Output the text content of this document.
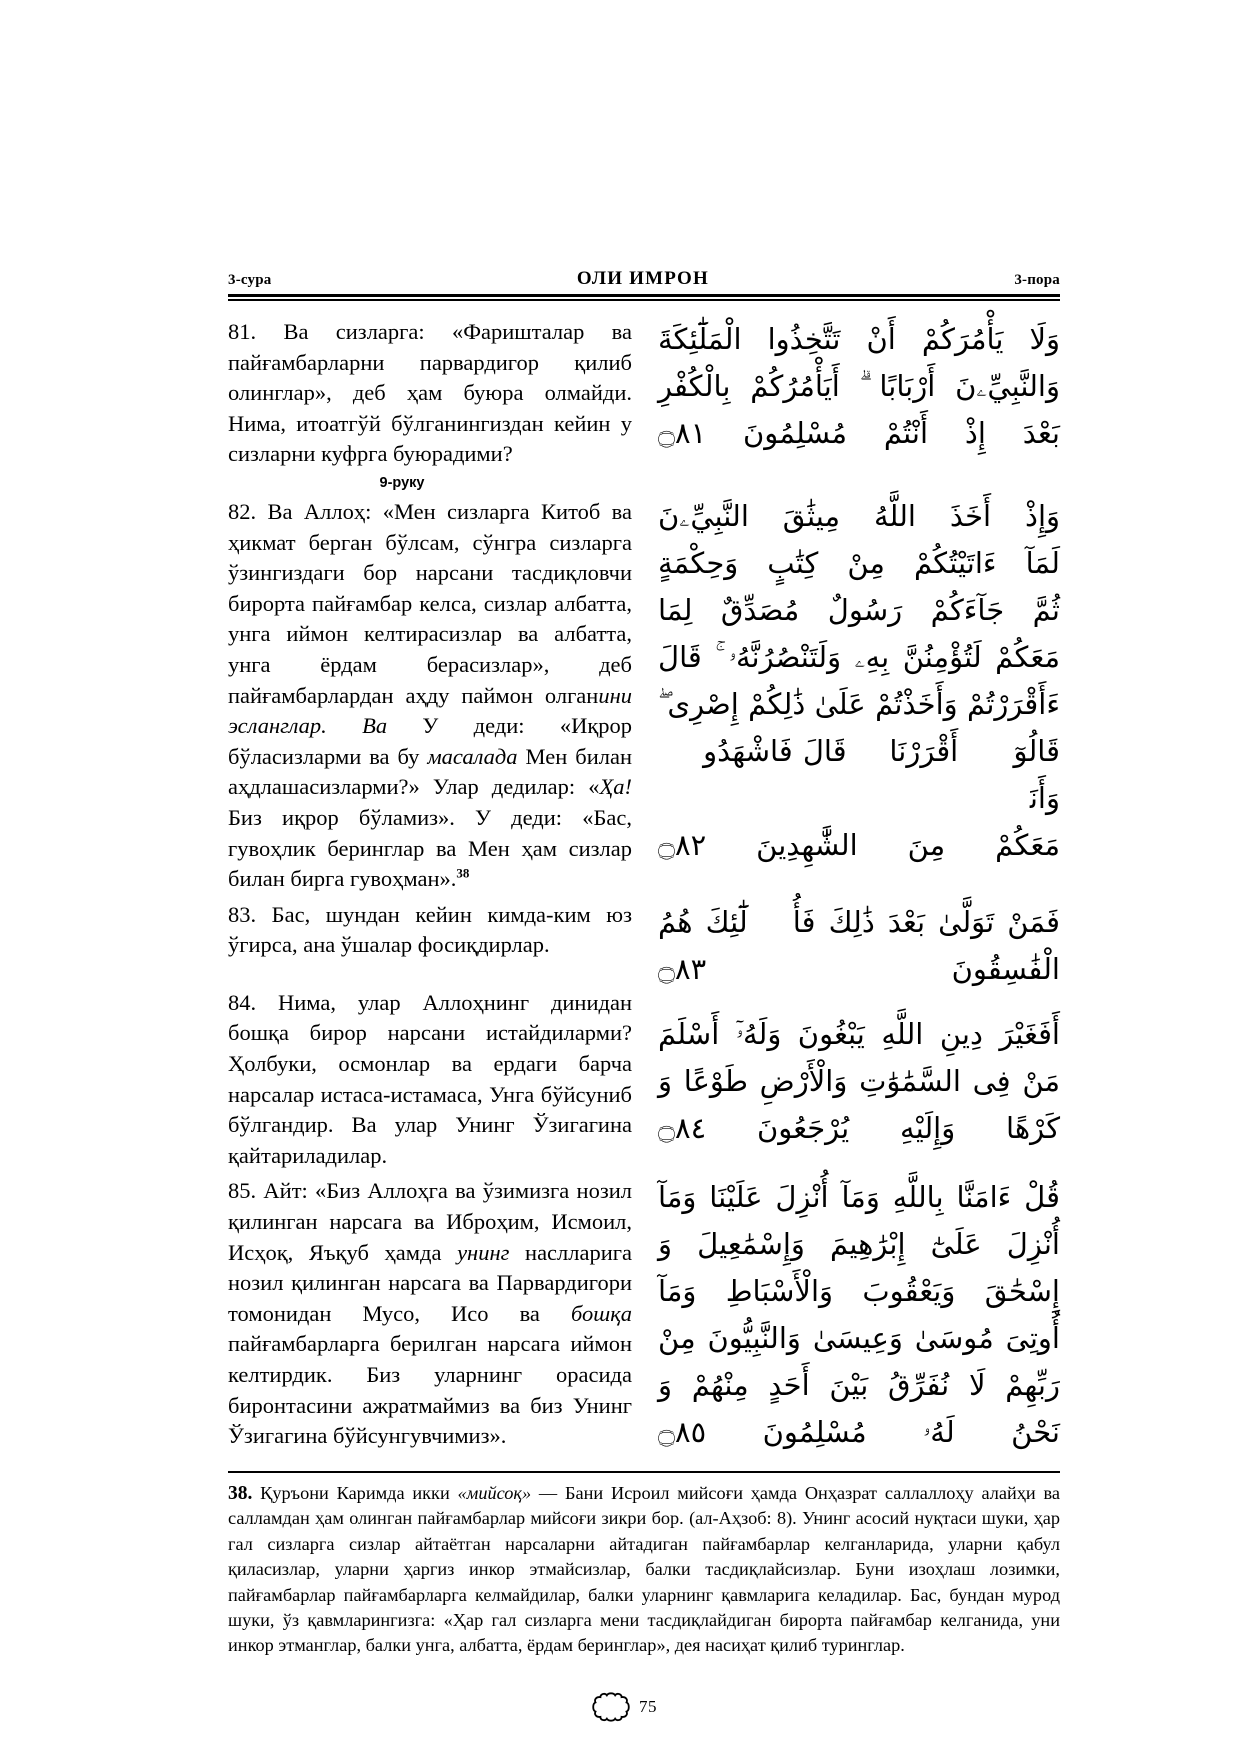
3-сура	ОЛИ ИМРОН	3-пора

81. Ва сизларга: «Фаришталар ва пайғамбарларни парвардигор қилиб олинглар», деб ҳам буюра олмайди. Нима, итоатгўй бўлганингиздан кейин у сизларни куфрга буюрадими?

9-руку

82. Ва Аллоҳ: «Мен сизларга Китоб ва ҳикмат берган бўлсам, сўнгра сизларга ўзингиздаги бор нарсани тасдиқловчи бирорта пайғамбар келса, сизлар албатта, унга иймон келтирасизлар ва албатта, унга ёрдам берасизлар», деб пайғамбарлардан аҳду паймон олганини эсланглар. Ва У деди: «Иқрор бўласизларми ва бу масалада Мен билан аҳдлашасизларми?» Улар дедилар: «Ҳа! Биз иқрор бўламиз». У деди: «Бас, гувоҳлик беринглар ва Мен ҳам сизлар билан бирга гувоҳман».$^{38}$

83. Бас, шундан кейин кимда-ким юз ўгирса, ана ўшалар фосиқдирлар.

84. Нима, улар Аллоҳнинг динидан бошқа бирор нарсани истайдиларми? Ҳолбуки, осмонлар ва ердаги барча нарсалар истаса-истамаса, Унга бўйсуниб бўлгандир. Ва улар Унинг Ўзигагина қайтариладилар.

85. Айт: «Биз Аллоҳга ва ўзимизга нозил қилинган нарсага ва Иброҳим, Исмоил, Исҳоқ, Яъқуб ҳамда унинг наслларига нозил қилинган нарсага ва Парвардигори томонидан Мусо, Исо ва бошқа пайғамбарларга берилган нарсага иймон келтирдик. Биз уларнинг орасида биронтасини ажратмаймиз ва биз Унинг Ўзигагина бўйсунгувчимиз».

وَلَا يَأْمُرَكُمْ أَنْ تَتَّخِذُوا الْمَلَٰٓئِكَةَ
وَالنَّبِيِّۦنَ أَرْبَابًا ۗ أَيَأْمُرُكُمْ بِالْكُفْرِ
بَعْدَ إِذْ أَنْتُمْ مُسْلِمُونَ ۝٨١
وَإِذْ أَخَذَ اللَّهُ مِيثَٰقَ النَّبِيِّۦنَ
لَمَآ ءَاتَيْتُكُمْ مِنْ كِتَٰبٍ وَحِكْمَةٍ
ثُمَّ جَآءَكُمْ رَسُولٌ مُصَدِّقٌ لِمَا
مَعَكُمْ لَتُؤْمِنُنَّ بِهِۦ وَلَتَنْصُرُنَّهُۥ ۚ قَالَ
ءَأَقْرَرْتُمْ وَأَخَذْتُمْ عَلَىٰ ذَٰلِكُمْ إِصْرِى ۖ
قَالُوٓا۟ أَقْرَرْنَا ۚ قَالَ فَاشْهَدُوا۟ وَأَنَا۠
مَعَكُمْ مِنَ الشَّٰهِدِينَ ۝٨٢
فَمَنْ تَوَلَّىٰ بَعْدَ ذَٰلِكَ فَأُو۟لَٰٓئِكَ هُمُ
الْفَٰسِقُونَ ۝٨٣
أَفَغَيْرَ دِينِ اللَّهِ يَبْغُونَ وَلَهُۥٓ أَسْلَمَ
مَنْ فِى السَّمَٰوَٰتِ وَالْأَرْضِ طَوْعًا وَ
كَرْهًا وَإِلَيْهِ يُرْجَعُونَ ۝٨٤
قُلْ ءَامَنَّا بِاللَّهِ وَمَآ أُنْزِلَ عَلَيْنَا وَمَآ
أُنْزِلَ عَلَىٰٓ إِبْرَٰهِيمَ وَإِسْمَٰعِيلَ وَ
إِسْحَٰقَ وَيَعْقُوبَ وَالْأَسْبَاطِ وَمَآ
أُوتِىَ مُوسَىٰ وَعِيسَىٰ وَالنَّبِيُّونَ مِنْ
رَبِّهِمْ لَا نُفَرِّقُ بَيْنَ أَحَدٍ مِنْهُمْ وَ
نَحْنُ لَهُۥ مُسْلِمُونَ ۝٨٥

38. Қуръони Каримда икки «мийсоқ» — Бани Исроил мийсоғи ҳамда Онҳазрат саллаллоҳу алайҳи ва салламдан ҳам олинган пайғамбарлар мийсоғи зикри бор. (ал-Аҳзоб: 8). Унинг асосий нуқтаси шуки, ҳар гал сизларга сизлар айтаётган нарсаларни айтадиган пайғамбарлар келганларида, уларни қабул қиласизлар, уларни ҳаргиз инкор этмайсизлар, балки тасдиқлайсизлар. Буни изоҳлаш лозимки, пайғамбарлар пайғамбарларга келмайдилар, балки уларнинг қавмларига келадилар. Бас, бундан мурод шуки, ўз қавмларингизга: «Ҳар гал сизларга мени тасдиқлайдиган бирорта пайғамбар келганида, уни инкор этманглар, балки унга, албатта, ёрдам беринглар», дея насиҳат қилиб туринглар.

75
